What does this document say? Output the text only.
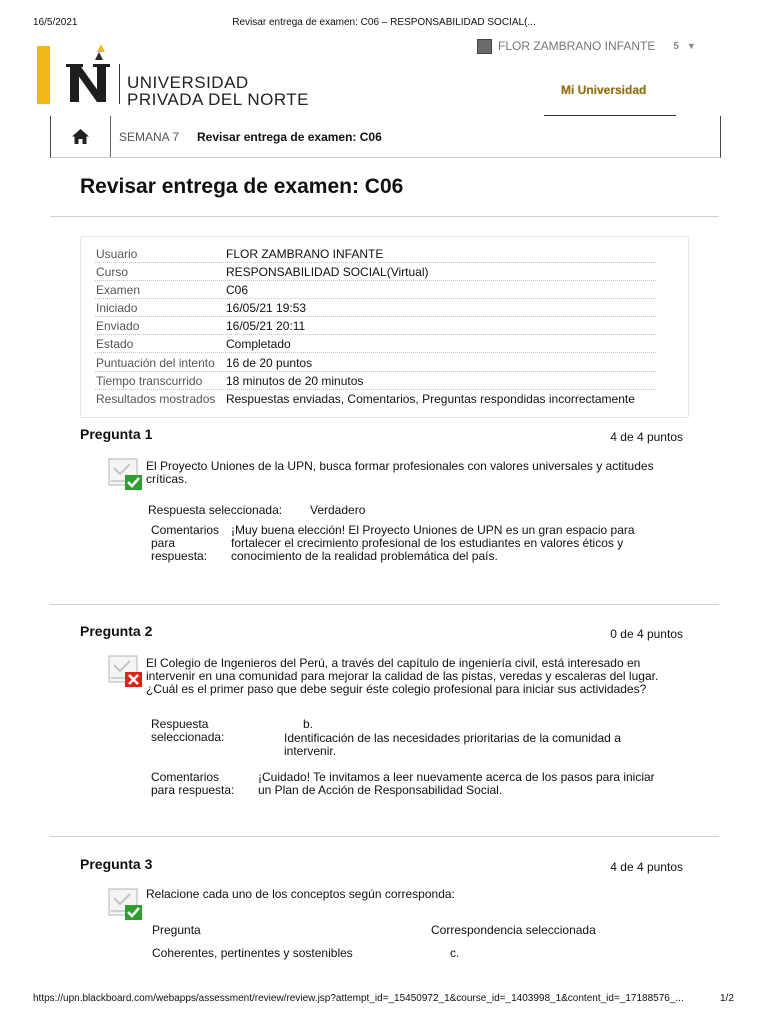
16/5/2021	Revisar entrega de examen: C06 – RESPONSABILIDAD SOCIAL(...
UNIVERSIDAD
PRIVADA DEL NORTE
FLOR ZAMBRANO INFANTE 5 ▼
Mi Universidad
SEMANA 7 Revisar entrega de examen: C06
Revisar entrega de examen: C06
Usuario	FLOR ZAMBRANO INFANTE
Curso	RESPONSABILIDAD SOCIAL(Virtual)
Examen	C06
Iniciado	16/05/21 19:53
Enviado	16/05/21 20:11
Estado	Completado
Puntuación del intento 16 de 20 puntos
Tiempo transcurrido 18 minutos de 20 minutos
Resultados mostrados Respuestas enviadas, Comentarios, Preguntas respondidas incorrectamente
Pregunta 1	4 de 4 puntos
El Proyecto Uniones de la UPN, busca formar profesionales con valores universales y actitudes
críticas.
Respuesta seleccionada: Verdadero
Comentarios
para
respuesta:
¡Muy buena elección! El Proyecto Uniones de UPN es un gran espacio para
fortalecer el crecimiento profesional de los estudiantes en valores éticos y
conocimiento de la realidad problemática del país.
Pregunta 2	0 de 4 puntos
El Colegio de Ingenieros del Perú, a través del capítulo de ingeniería civil, está interesado en
intervenir en una comunidad para mejorar la calidad de las pistas, veredas y escaleras del lugar.
¿Cuál es el primer paso que debe seguir éste colegio profesional para iniciar sus actividades?
Respuesta
seleccionada:
b.
Identificación de las necesidades prioritarias de la comunidad a
intervenir.
Comentarios
para respuesta:
¡Cuidado! Te invitamos a leer nuevamente acerca de los pasos para iniciar
un Plan de Acción de Responsabilidad Social.
Pregunta 3	4 de 4 puntos
Relacione cada uno de los conceptos según corresponda:
Pregunta	Correspondencia seleccionada
Coherentes, pertinentes y sostenibles	c.
https://upn.blackboard.com/webapps/assessment/review/review.jsp?attempt_id=_15450972_1&course_id=_1403998_1&content_id=_17188576_...	1/2
